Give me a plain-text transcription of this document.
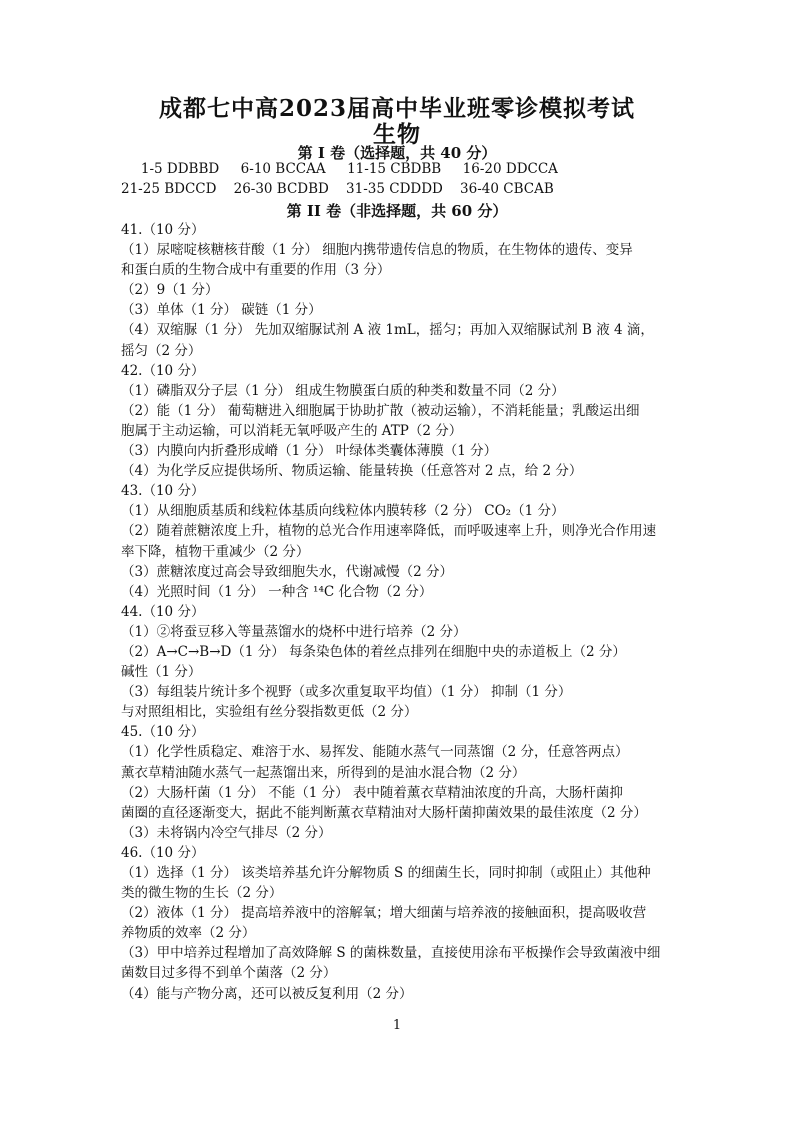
成都七中高2023届高中毕业班零诊模拟考试
生物
第 I 卷（选择题，共 40 分）
1-5 DDBBD     6-10 BCCAA     11-15 CBDBB     16-20 DDCCA
21-25 BDCCD    26-30 BCDBD    31-35 CDDDD    36-40 CBCAB
第 II 卷（非选择题，共 60 分）
41.（10 分）
（1）尿嘧啶核糖核苷酸（1 分） 细胞内携带遗传信息的物质，在生物体的遗传、变异
和蛋白质的生物合成中有重要的作用（3 分）
（2）9（1 分）
（3）单体（1 分） 碳链（1 分）
（4）双缩脲（1 分） 先加双缩脲试剂 A 液 1mL，摇匀；再加入双缩脲试剂 B 液 4 滴，
摇匀（2 分）
42.（10 分）
（1）磷脂双分子层（1 分） 组成生物膜蛋白质的种类和数量不同（2 分）
（2）能（1 分） 葡萄糖进入细胞属于协助扩散（被动运输），不消耗能量；乳酸运出细
胞属于主动运输，可以消耗无氧呼吸产生的 ATP（2 分）
（3）内膜向内折叠形成嵴（1 分） 叶绿体类囊体薄膜（1 分）
（4）为化学反应提供场所、物质运输、能量转换（任意答对 2 点，给 2 分）
43.（10 分）
（1）从细胞质基质和线粒体基质向线粒体内膜转移（2 分） CO₂（1 分）
（2）随着蔗糖浓度上升，植物的总光合作用速率降低，而呼吸速率上升，则净光合作用速
率下降，植物干重减少（2 分）
（3）蔗糖浓度过高会导致细胞失水，代谢减慢（2 分）
（4）光照时间（1 分） 一种含 ¹⁴C 化合物（2 分）
44.（10 分）
（1）②将蚕豆移入等量蒸馏水的烧杯中进行培养（2 分）
（2）A→C→B→D（1 分） 每条染色体的着丝点排列在细胞中央的赤道板上（2 分）
碱性（1 分）
（3）每组装片统计多个视野（或多次重复取平均值）（1 分） 抑制（1 分）
与对照组相比，实验组有丝分裂指数更低（2 分）
45.（10 分）
（1）化学性质稳定、难溶于水、易挥发、能随水蒸气一同蒸馏（2 分，任意答两点）
薰衣草精油随水蒸气一起蒸馏出来，所得到的是油水混合物（2 分）
（2）大肠杆菌（1 分） 不能（1 分） 表中随着薰衣草精油浓度的升高，大肠杆菌抑
菌圈的直径逐渐变大，据此不能判断薰衣草精油对大肠杆菌抑菌效果的最佳浓度（2 分）
（3）未将锅内冷空气排尽（2 分）
46.（10 分）
（1）选择（1 分） 该类培养基允许分解物质 S 的细菌生长，同时抑制（或阻止）其他种
类的微生物的生长（2 分）
（2）液体（1 分） 提高培养液中的溶解氧；增大细菌与培养液的接触面积，提高吸收营
养物质的效率（2 分）
（3）甲中培养过程增加了高效降解 S 的菌株数量，直接使用涂布平板操作会导致菌液中细
菌数目过多得不到单个菌落（2 分）
（4）能与产物分离，还可以被反复利用（2 分）
1
